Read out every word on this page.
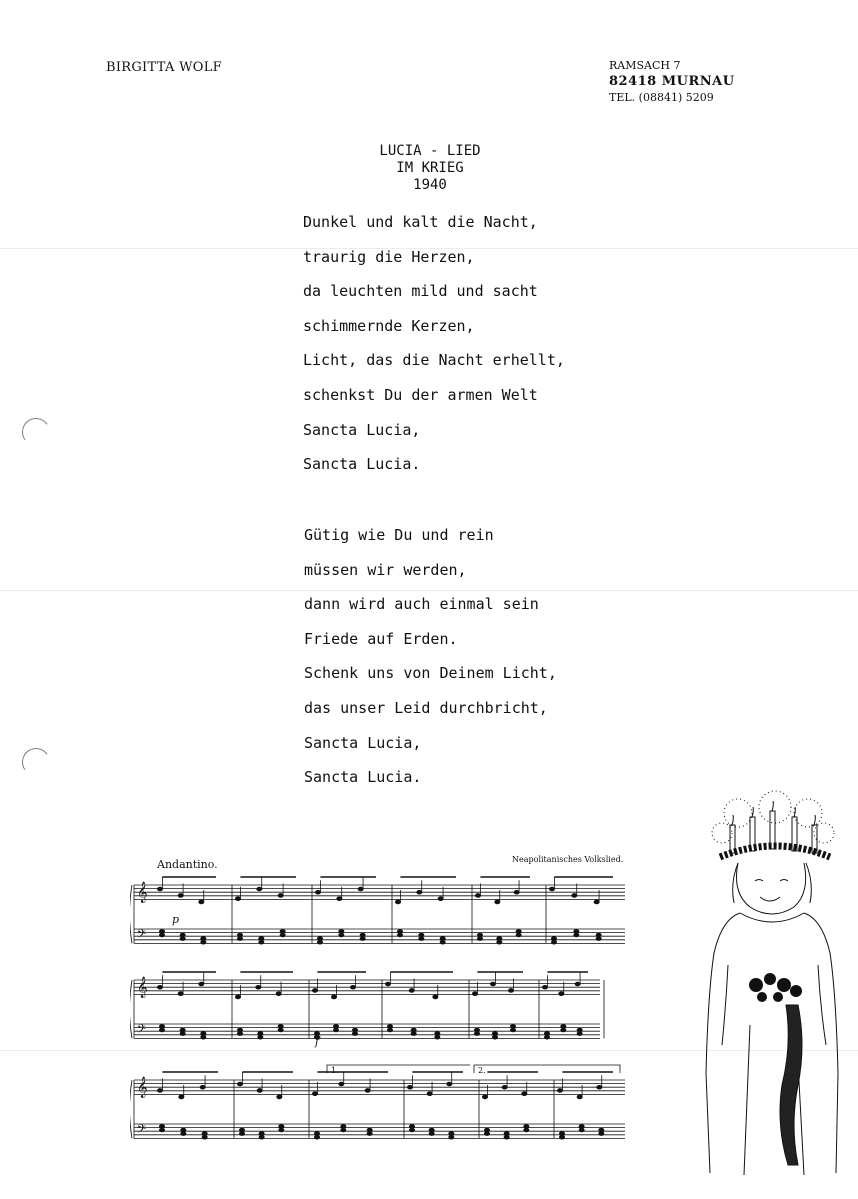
BIRGITTA WOLF	RAMSACH 7
82418 MURNAU
TEL. (08841) 5209
LUCIA - LIED
IM KRIEG
1940
Dunkel und kalt die Nacht,
traurig die Herzen,
da leuchten mild und sacht
schimmernde Kerzen,
Licht, das die Nacht erhellt,
schenkst Du der armen Welt
Sancta Lucia,
Sancta Lucia.
Gütig wie Du und rein
müssen wir werden,
dann wird auch einmal sein
Friede auf Erden.
Schenk uns von Deinem Licht,
das unser Leid durchbricht,
Sancta Lucia,
Sancta Lucia.
Andantino.	Neapolitanisches Volkslied.
𝄞
𝄢
𝄞
𝄢
𝄞
𝄢
p
f
1.	2.
